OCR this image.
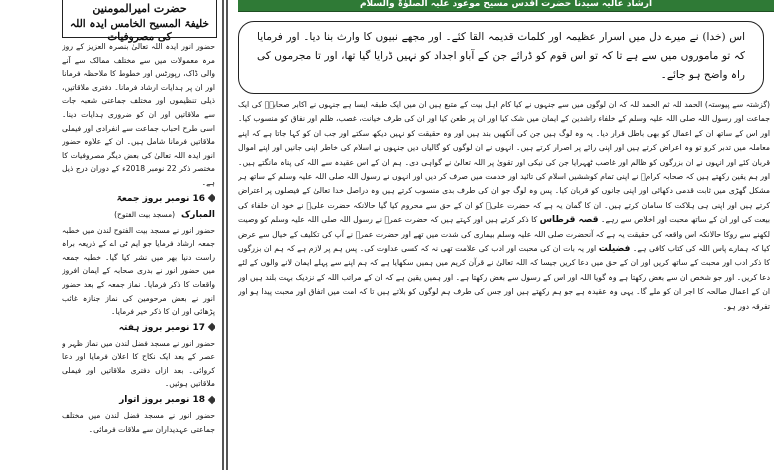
حضرت امیرالمومنین
خلیفۃ المسیح الخامس ایدہ اللہ کی مصروفیات

حضور انور ایدہ اللہ تعالیٰ بنصرہ العزیز کے روز مرہ معمولات میں سے مختلف ممالک سے آنے والی ڈاک، رپورٹس اور خطوط کا ملاحظہ فرمانا اور ان پر ہدایات ارشاد فرمانا۔ دفتری ملاقاتیں، ذیلی تنظیموں اور مختلف جماعتی شعبہ جات سے ملاقاتیں اور ان کو ضروری ہدایات دینا۔ اسی طرح احباب جماعت سے انفرادی اور فیملی ملاقاتیں فرمانا شامل ہیں۔ ان کے علاوہ حضور انور ایدہ اللہ تعالیٰ کی بعض دیگر مصروفیات کا مختصر ذکر 22 نومبر 2018ء کے دوران درج ذیل ہے۔

16 نومبر بروز جمعۃ المبارک(مسجد بیت الفتوح)

حضور انور نے مسجد بیت الفتوح لندن میں خطبہ جمعہ ارشاد فرمایا جو ایم ٹی اے کے ذریعہ براہ راست دنیا بھر میں نشر کیا گیا۔ خطبہ جمعہ میں حضور انور نے بدری صحابہ کے ایمان افروز واقعات کا ذکر فرمایا۔ نماز جمعہ کے بعد حضور انور نے بعض مرحومین کی نماز جنازہ غائب پڑھائی اور ان کا ذکر خیر فرمایا۔

17 نومبر بروز ہفتہ

حضور انور نے مسجد فضل لندن میں نماز ظہر و عصر کے بعد ایک نکاح کا اعلان فرمایا اور دعا کروائی۔ بعد ازاں دفتری ملاقاتیں اور فیملی ملاقاتیں ہوئیں۔

18 نومبر بروز اتوار

حضور انور نے مسجد فضل لندن میں مختلف جماعتی عہدیداران سے ملاقات فرمائی۔

ارشاد عالیہ سیدنا حضرت اقدس مسیح موعود علیہ الصلوٰۃ والسلام

اس (خدا) نے میرے دل میں اسرار عظیمہ اور کلمات قدیمہ القا کئے۔ اور مجھے نبیوں کا وارث بنا دیا۔ اور فرمایا کہ تو ماموروں میں سے ہے تا کہ تو اس قوم کو ڈرائے جن کے آباو اجداد کو نہیں ڈرایا گیا تھا، اور تا مجرموں کی راہ واضح ہو جائے۔

(گزشتہ سے پیوستہ) الحمد للہ ثم الحمد للہ کہ ان لوگوں میں سے جنہوں نے کیا کام اہل بیت کے متبع ہیں ان میں ایک طبقہ ایسا ہے جنہوں نے اکابر صحابہؓ کی ایک جماعت اور رسول اللہ صلی اللہ علیہ وسلم کے خلفاء راشدین کے ایمان میں شک کیا اور ان پر طعن کیا اور ان کی طرف خیانت، غصب، ظلم اور نفاق کو منسوب کیا۔ اور اس کے ساتھ ان کے اعمال کو بھی باطل قرار دیا۔ یہ وہ لوگ ہیں جن کی آنکھیں بند ہیں اور وہ حقیقت کو نہیں دیکھ سکتے اور جب ان کو کہا جاتا ہے کہ اپنے معاملہ میں تدبر کرو تو وہ اعراض کرتے ہیں اور اپنی رائے پر اصرار کرتے ہیں۔ انہوں نے ان لوگوں کو گالیاں دیں جنہوں نے اسلام کی خاطر اپنی جانیں اور اپنے اموال قربان کئے اور انہوں نے ان بزرگوں کو ظالم اور غاصب ٹھہرایا جن کی نیکی اور تقویٰ پر اللہ تعالیٰ نے گواہی دی۔ ہم ان کے اس عقیدہ سے اللہ کی پناہ مانگتے ہیں۔ اور ہم یقین رکھتے ہیں کہ صحابہ کرامؓ نے اپنی تمام کوششیں اسلام کی تائید اور خدمت میں صرف کر دیں اور انہوں نے رسول اللہ صلی اللہ علیہ وسلم کے ساتھ ہر مشکل گھڑی میں ثابت قدمی دکھائی اور اپنی جانوں کو قربان کیا۔ پس وہ لوگ جو ان کی طرف بدی منسوب کرتے ہیں وہ دراصل خدا تعالیٰ کے فیصلوں پر اعتراض کرتے ہیں اور اپنی ہی ہلاکت کا سامان کرتے ہیں۔ ان کا گمان یہ ہے کہ حضرت علیؓ کو ان کے حق سے محروم کیا گیا حالانکہ حضرت علیؓ نے خود ان خلفاء کی بیعت کی اور ان کے ساتھ محبت اور اخلاص سے رہے۔ قصہ قرطاس کا ذکر کرتے ہیں اور کہتے ہیں کہ حضرت عمرؓ نے رسول اللہ صلی اللہ علیہ وسلم کو وصیت لکھنے سے روکا حالانکہ اس واقعہ کی حقیقت یہ ہے کہ آنحضرت صلی اللہ علیہ وسلم بیماری کی شدت میں تھے اور حضرت عمرؓ نے آپ کی تکلیف کے خیال سے عرض کیا کہ ہمارے پاس اللہ کی کتاب کافی ہے۔ فضیلت اور یہ بات ان کی محبت اور ادب کی علامت تھی نہ کہ کسی عداوت کی۔ پس ہم پر لازم ہے کہ ہم ان بزرگوں کا ذکر ادب اور محبت کے ساتھ کریں اور ان کے حق میں دعا کریں جیسا کہ اللہ تعالیٰ نے قرآن کریم میں ہمیں سکھایا ہے کہ ہم اپنے سے پہلے ایمان لانے والوں کے لئے دعا کریں۔ اور جو شخص ان سے بغض رکھتا ہے وہ گویا اللہ اور اس کے رسول سے بغض رکھتا ہے۔ اور ہمیں یقین ہے کہ ان کے مراتب اللہ کے نزدیک بہت بلند ہیں اور ان کے اعمال صالحہ کا اجر ان کو ملے گا۔ یہی وہ عقیدہ ہے جو ہم رکھتے ہیں اور جس کی طرف ہم لوگوں کو بلاتے ہیں تا کہ امت میں اتفاق اور محبت پیدا ہو اور تفرقہ دور ہو۔
